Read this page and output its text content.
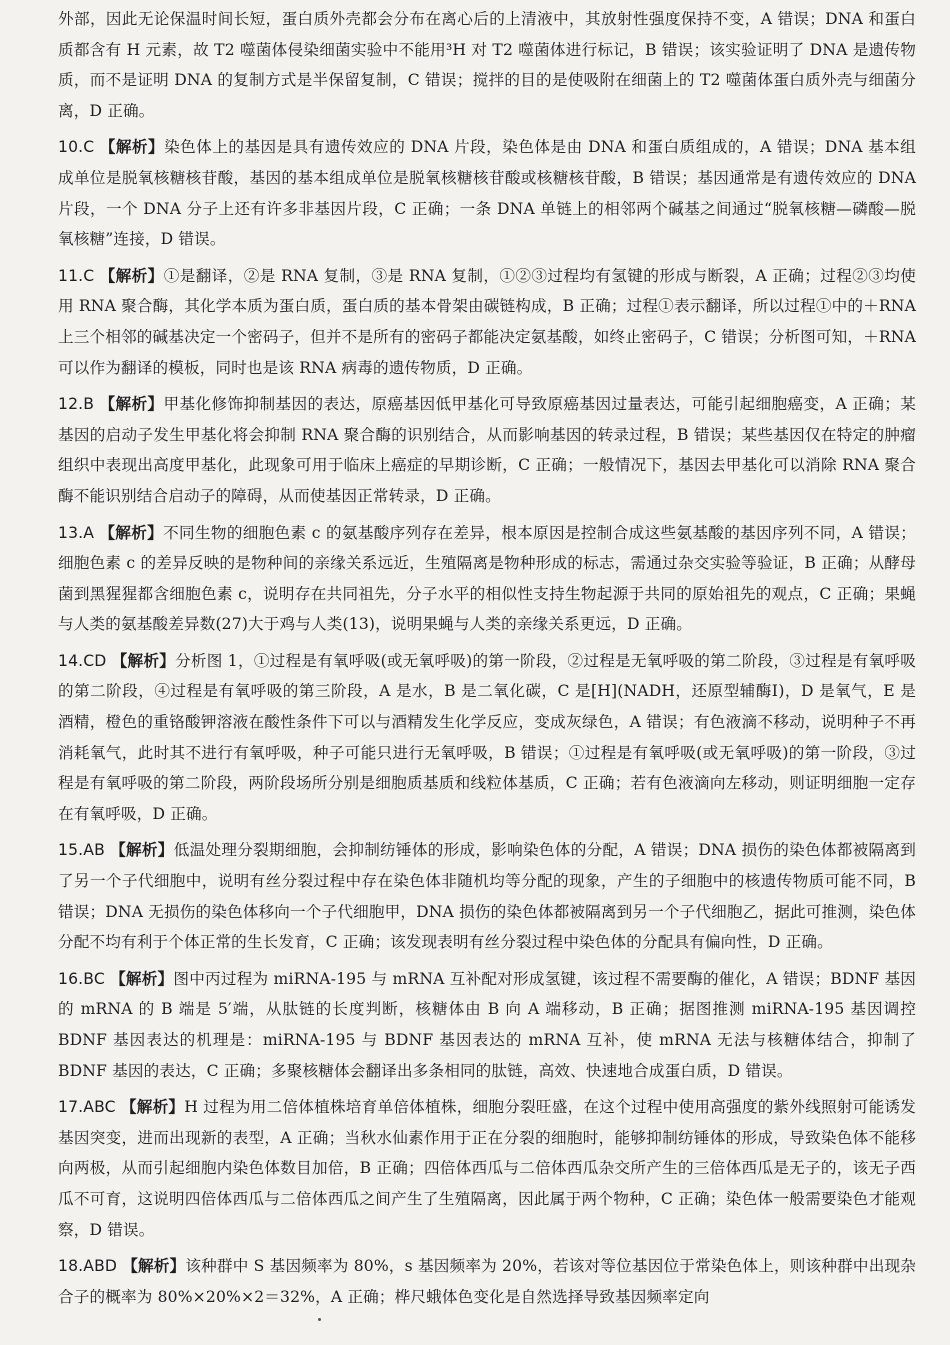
外部，因此无论保温时间长短，蛋白质外壳都会分布在离心后的上清液中，其放射性强度保持不变，A 错误；DNA 和蛋白质都含有 H 元素，故 T2 噬菌体侵染细菌实验中不能用³H 对 T2 噬菌体进行标记，B 错误；该实验证明了 DNA 是遗传物质，而不是证明 DNA 的复制方式是半保留复制，C 错误；搅拌的目的是使吸附在细菌上的 T2 噬菌体蛋白质外壳与细菌分离，D 正确。

10.C 【解析】染色体上的基因是具有遗传效应的 DNA 片段，染色体是由 DNA 和蛋白质组成的，A 错误；DNA 基本组成单位是脱氧核糖核苷酸，基因的基本组成单位是脱氧核糖核苷酸或核糖核苷酸，B 错误；基因通常是有遗传效应的 DNA 片段，一个 DNA 分子上还有许多非基因片段，C 正确；一条 DNA 单链上的相邻两个碱基之间通过“脱氧核糖—磷酸—脱氧核糖”连接，D 错误。

11.C 【解析】①是翻译，②是 RNA 复制，③是 RNA 复制，①②③过程均有氢键的形成与断裂，A 正确；过程②③均使用 RNA 聚合酶，其化学本质为蛋白质，蛋白质的基本骨架由碳链构成，B 正确；过程①表示翻译，所以过程①中的＋RNA 上三个相邻的碱基决定一个密码子，但并不是所有的密码子都能决定氨基酸，如终止密码子，C 错误；分析图可知，＋RNA 可以作为翻译的模板，同时也是该 RNA 病毒的遗传物质，D 正确。

12.B 【解析】甲基化修饰抑制基因的表达，原癌基因低甲基化可导致原癌基因过量表达，可能引起细胞癌变，A 正确；某基因的启动子发生甲基化将会抑制 RNA 聚合酶的识别结合，从而影响基因的转录过程，B 错误；某些基因仅在特定的肿瘤组织中表现出高度甲基化，此现象可用于临床上癌症的早期诊断，C 正确；一般情况下，基因去甲基化可以消除 RNA 聚合酶不能识别结合启动子的障碍，从而使基因正常转录，D 正确。

13.A 【解析】不同生物的细胞色素 c 的氨基酸序列存在差异，根本原因是控制合成这些氨基酸的基因序列不同，A 错误；细胞色素 c 的差异反映的是物种间的亲缘关系远近，生殖隔离是物种形成的标志，需通过杂交实验等验证，B 正确；从酵母菌到黑猩猩都含细胞色素 c，说明存在共同祖先，分子水平的相似性支持生物起源于共同的原始祖先的观点，C 正确；果蝇与人类的氨基酸差异数(27)大于鸡与人类(13)，说明果蝇与人类的亲缘关系更远，D 正确。

14.CD 【解析】分析图 1，①过程是有氧呼吸(或无氧呼吸)的第一阶段，②过程是无氧呼吸的第二阶段，③过程是有氧呼吸的第二阶段，④过程是有氧呼吸的第三阶段，A 是水，B 是二氧化碳，C 是[H](NADH，还原型辅酶Ⅰ)，D 是氧气，E 是酒精，橙色的重铬酸钾溶液在酸性条件下可以与酒精发生化学反应，变成灰绿色，A 错误；有色液滴不移动，说明种子不再消耗氧气，此时其不进行有氧呼吸，种子可能只进行无氧呼吸，B 错误；①过程是有氧呼吸(或无氧呼吸)的第一阶段，③过程是有氧呼吸的第二阶段，两阶段场所分别是细胞质基质和线粒体基质，C 正确；若有色液滴向左移动，则证明细胞一定存在有氧呼吸，D 正确。

15.AB 【解析】低温处理分裂期细胞，会抑制纺锤体的形成，影响染色体的分配，A 错误；DNA 损伤的染色体都被隔离到了另一个子代细胞中，说明有丝分裂过程中存在染色体非随机均等分配的现象，产生的子细胞中的核遗传物质可能不同，B 错误；DNA 无损伤的染色体移向一个子代细胞甲，DNA 损伤的染色体都被隔离到另一个子代细胞乙，据此可推测，染色体分配不均有利于个体正常的生长发育，C 正确；该发现表明有丝分裂过程中染色体的分配具有偏向性，D 正确。

16.BC 【解析】图中丙过程为 miRNA-195 与 mRNA 互补配对形成氢键，该过程不需要酶的催化，A 错误；BDNF 基因的 mRNA 的 B 端是 5′端，从肽链的长度判断，核糖体由 B 向 A 端移动，B 正确；据图推测 miRNA-195 基因调控 BDNF 基因表达的机理是：miRNA-195 与 BDNF 基因表达的 mRNA 互补，使 mRNA 无法与核糖体结合，抑制了 BDNF 基因的表达，C 正确；多聚核糖体会翻译出多条相同的肽链，高效、快速地合成蛋白质，D 错误。

17.ABC 【解析】H 过程为用二倍体植株培育单倍体植株，细胞分裂旺盛，在这个过程中使用高强度的紫外线照射可能诱发基因突变，进而出现新的表型，A 正确；当秋水仙素作用于正在分裂的细胞时，能够抑制纺锤体的形成，导致染色体不能移向两极，从而引起细胞内染色体数目加倍，B 正确；四倍体西瓜与二倍体西瓜杂交所产生的三倍体西瓜是无子的，该无子西瓜不可育，这说明四倍体西瓜与二倍体西瓜之间产生了生殖隔离，因此属于两个物种，C 正确；染色体一般需要染色才能观察，D 错误。

18.ABD 【解析】该种群中 S 基因频率为 80%，s 基因频率为 20%，若该对等位基因位于常染色体上，则该种群中出现杂合子的概率为 80%×20%×2＝32%，A 正确；桦尺蛾体色变化是自然选择导致基因频率定向
